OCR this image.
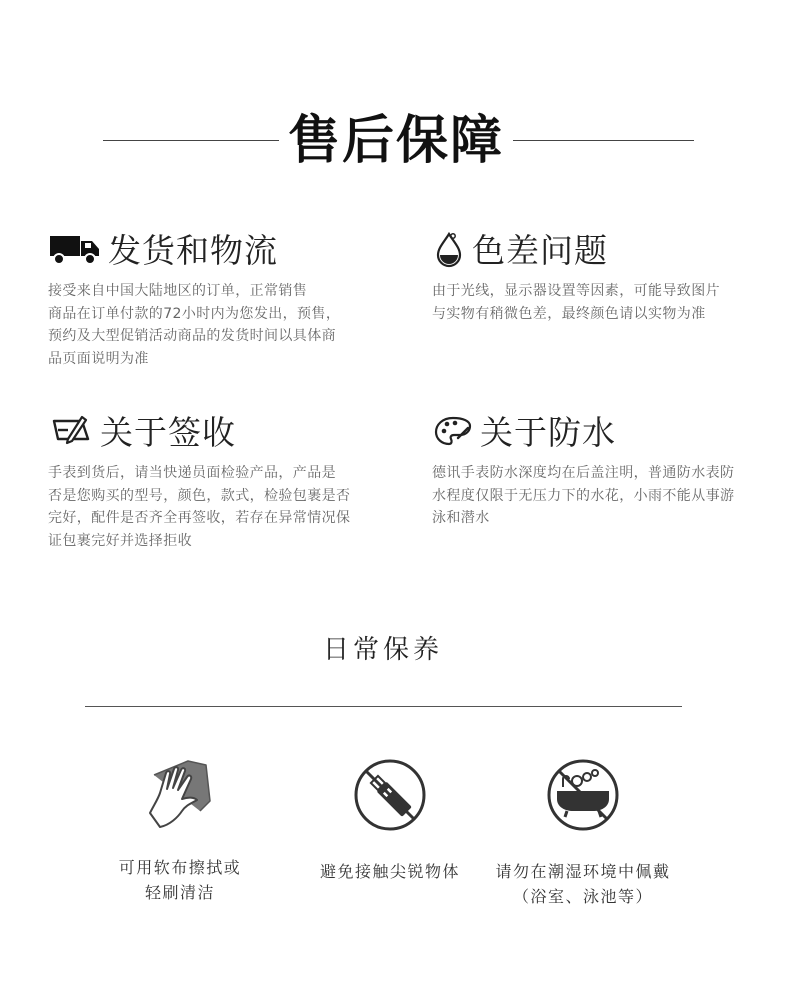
售后保障
发货和物流
接受来自中国大陆地区的订单，正常销售
商品在订单付款的72小时内为您发出，预售，
预约及大型促销活动商品的发货时间以具体商
品页面说明为准
色差问题
由于光线，显示器设置等因素，可能导致图片
与实物有稍微色差，最终颜色请以实物为准
关于签收
手表到货后，请当快递员面检验产品，产品是
否是您购买的型号，颜色，款式，检验包裹是否
完好，配件是否齐全再签收，若存在异常情况保
证包裹完好并选择拒收
关于防水
德讯手表防水深度均在后盖注明，普通防水表防
水程度仅限于无压力下的水花，小雨不能从事游
泳和潜水
日常保养
可用软布擦拭或
轻刷清洁
避免接触尖锐物体	请勿在潮湿环境中佩戴
（浴室、泳池等）
